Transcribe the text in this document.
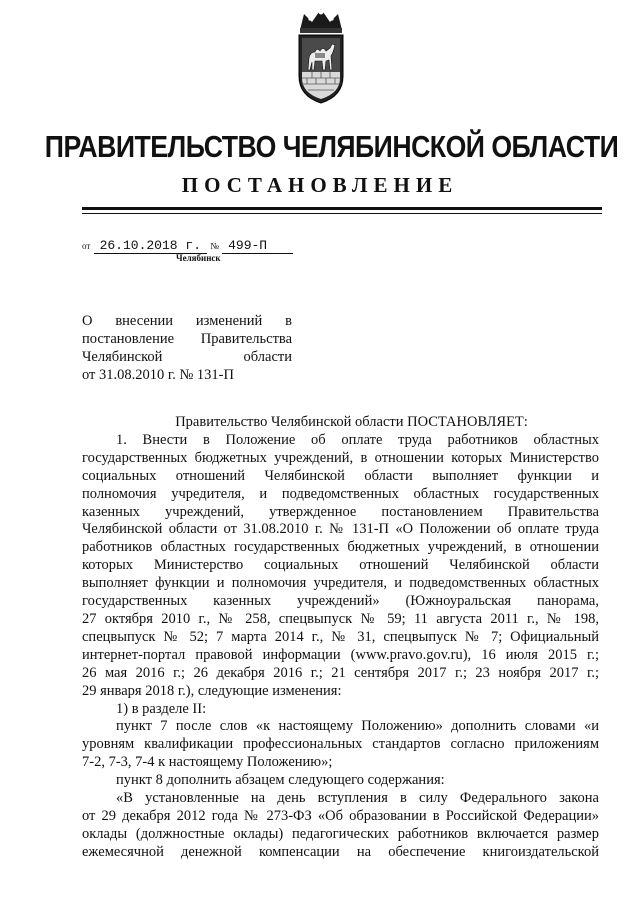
ПРАВИТЕЛЬСТВО ЧЕЛЯБИНСКОЙ ОБЛАСТИ
ПОСТАНОВЛЕНИЕ
от 26.10.2018 г. № 499-П
Челябинск
О внесении изменений в
постановление Правительства
Челябинской области
от 31.08.2010 г. № 131-П
Правительство Челябинской области ПОСТАНОВЛЯЕТ:
1. Внести в Положение об оплате труда работников областных
государственных бюджетных учреждений, в отношении которых Министерство
социальных отношений Челябинской области выполняет функции и
полномочия учредителя, и подведомственных областных государственных
казенных учреждений, утвержденное постановлением Правительства
Челябинской области от 31.08.2010 г. № 131-П «О Положении об оплате труда
работников областных государственных бюджетных учреждений, в отношении
которых Министерство социальных отношений Челябинской области
выполняет функции и полномочия учредителя, и подведомственных областных
государственных казенных учреждений» (Южноуральская панорама,
27 октября 2010 г., № 258, спецвыпуск № 59; 11 августа 2011 г., № 198,
спецвыпуск № 52; 7 марта 2014 г., № 31, спецвыпуск № 7; Официальный
интернет-портал правовой информации (www.pravo.gov.ru), 16 июля 2015 г.;
26 мая 2016 г.; 26 декабря 2016 г.; 21 сентября 2017 г.; 23 ноября 2017 г.;
29 января 2018 г.), следующие изменения:
1) в разделе II:
пункт 7 после слов «к настоящему Положению» дополнить словами «и
уровням квалификации профессиональных стандартов согласно приложениям
7-2, 7-3, 7-4 к настоящему Положению»;
пункт 8 дополнить абзацем следующего содержания:
«В установленные на день вступления в силу Федерального закона
от 29 декабря 2012 года № 273-ФЗ «Об образовании в Российской Федерации»
оклады (должностные оклады) педагогических работников включается размер
ежемесячной денежной компенсации на обеспечение книгоиздательской
